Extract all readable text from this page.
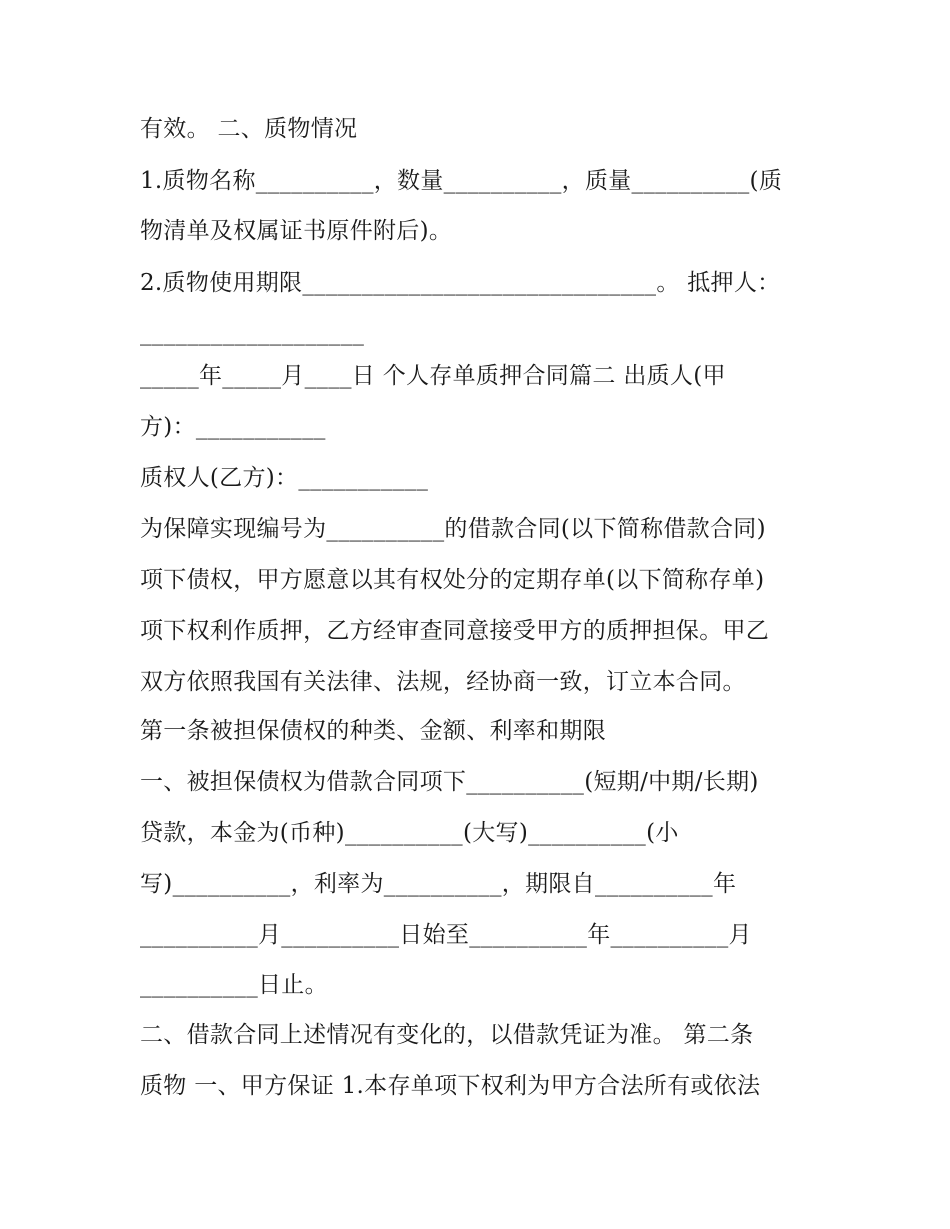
有效。 二、质物情况
1.质物名称__________，数量__________，质量__________(质
物清单及权属证书原件附后)。
2.质物使用期限______________________________。 抵押人：
___________________
_____年_____月____日 个人存单质押合同篇二 出质人(甲
方)：___________
质权人(乙方)：___________
为保障实现编号为__________的借款合同(以下简称借款合同)
项下债权，甲方愿意以其有权处分的定期存单(以下简称存单)
项下权利作质押，乙方经审查同意接受甲方的质押担保。甲乙
双方依照我国有关法律、法规，经协商一致，订立本合同。
第一条被担保债权的种类、金额、利率和期限
一、被担保债权为借款合同项下__________(短期/中期/长期)
贷款，本金为(币种)__________(大写)__________(小
写)__________，利率为__________，期限自__________年
__________月__________日始至__________年__________月
__________日止。
二、借款合同上述情况有变化的，以借款凭证为准。 第二条
质物 一、甲方保证 1.本存单项下权利为甲方合法所有或依法
